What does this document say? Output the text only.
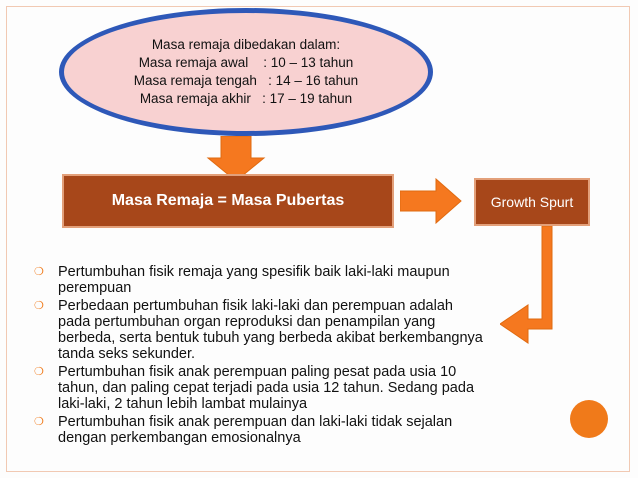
Masa remaja dibedakan dalam:
Masa remaja awal    : 10 – 13 tahun
Masa remaja tengah   : 14 – 16 tahun
Masa remaja akhir   : 17 – 19 tahun
Masa Remaja = Masa Pubertas	Growth Spurt
❍ Pertumbuhan fisik remaja yang spesifik baik laki-laki maupun perempuan
❍ Perbedaan pertumbuhan fisik laki-laki dan perempuan adalah pada pertumbuhan organ reproduksi dan penampilan yang berbeda, serta bentuk tubuh yang berbeda akibat berkembangnya tanda seks sekunder.
❍ Pertumbuhan fisik anak perempuan paling pesat pada usia 10 tahun, dan paling cepat terjadi pada usia 12 tahun. Sedang pada laki-laki, 2 tahun lebih lambat mulainya
❍ Pertumbuhan fisik anak perempuan dan laki-laki tidak sejalan dengan perkembangan emosionalnya
